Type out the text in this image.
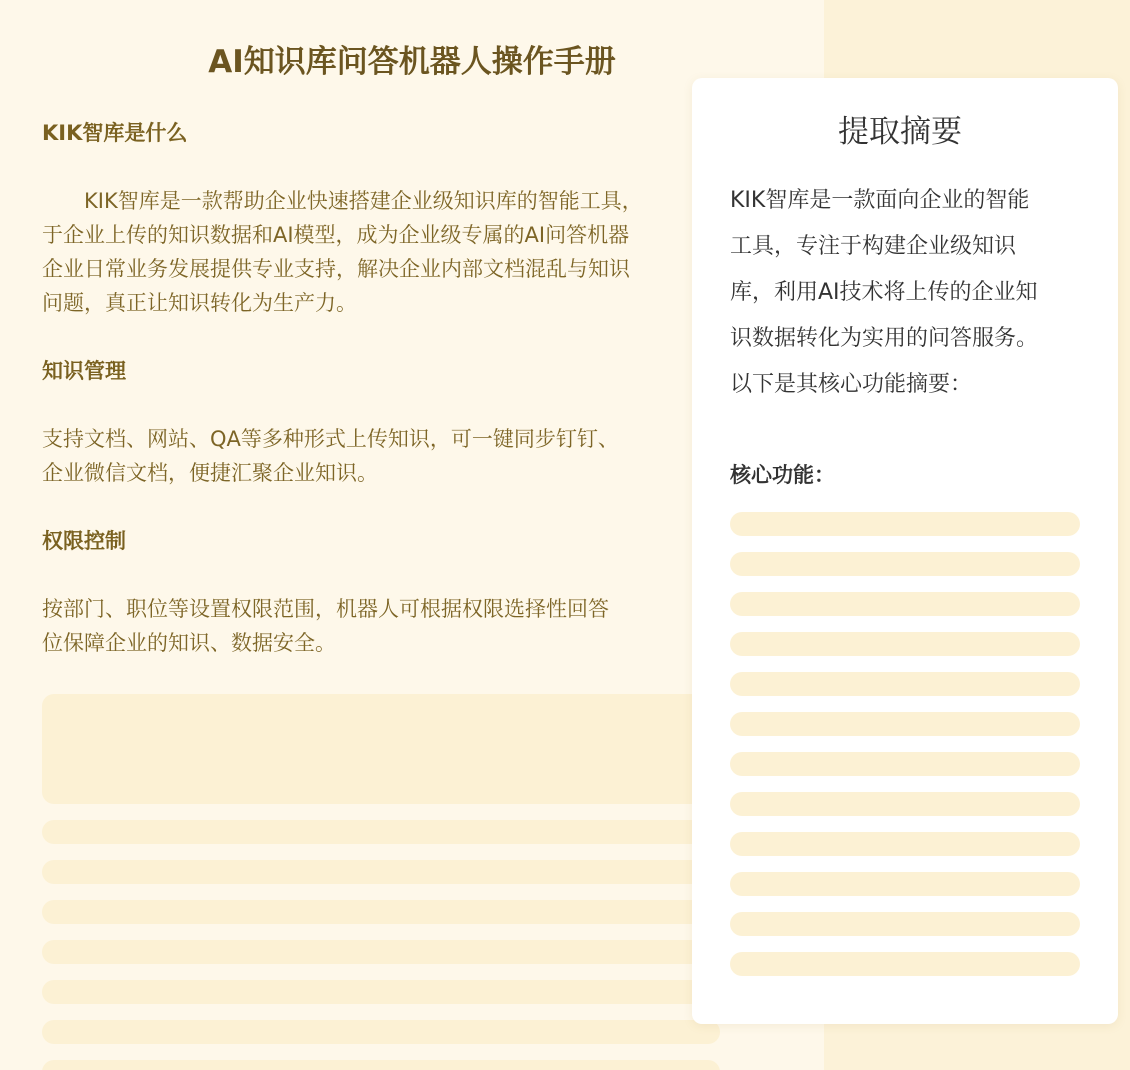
AI知识库问答机器人操作手册

KIK智库是什么

KIK智库是一款帮助企业快速搭建企业级知识库的智能工具，

于企业上传的知识数据和AI模型，成为企业级专属的AI问答机器

企业日常业务发展提供专业支持，解决企业内部文档混乱与知识

问题，真正让知识转化为生产力。

知识管理

支持文档、网站、QA等多种形式上传知识，可一键同步钉钉、

企业微信文档，便捷汇聚企业知识。

权限控制

按部门、职位等设置权限范围，机器人可根据权限选择性回答

位保障企业的知识、数据安全。

提取摘要
KIK智库是一款面向企业的智能
工具，专注于构建企业级知识
库，利用AI技术将上传的企业知
识数据转化为实用的问答服务。
以下是其核心功能摘要：
核心功能：
